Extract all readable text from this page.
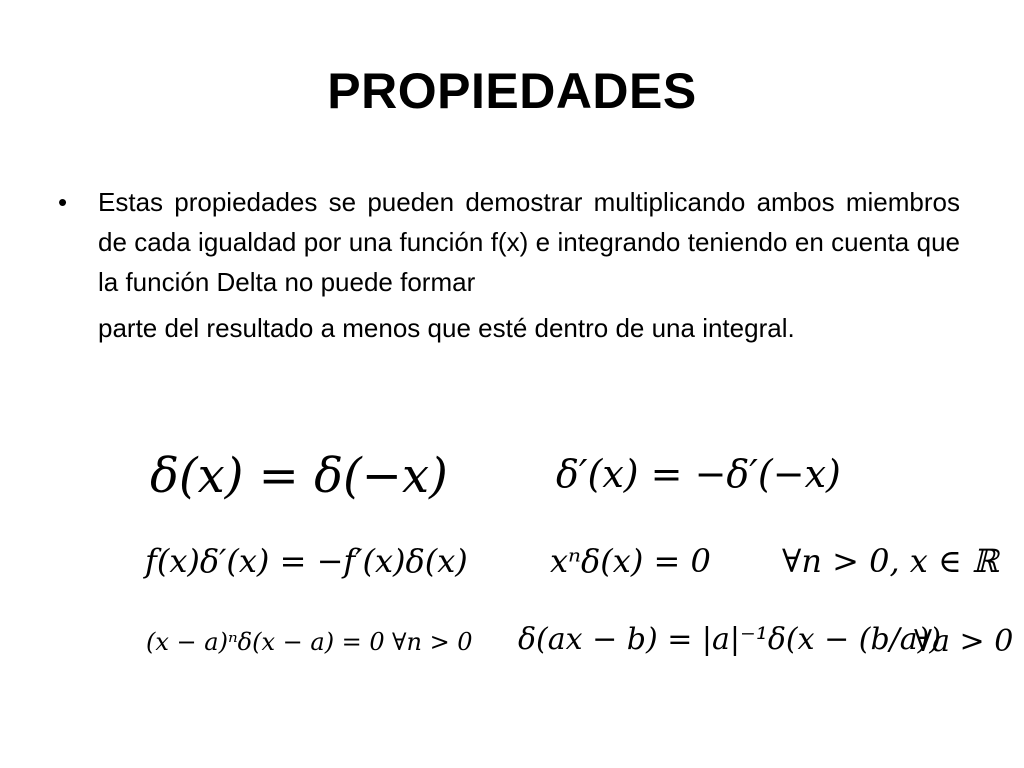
PROPIEDADES
• Estas propiedades se pueden demostrar multiplicando ambos miembros de cada igualdad por una función f(x) e integrando teniendo en cuenta que la función Delta no puede formar
parte del resultado a menos que esté dentro de una integral.
δ(x) = δ(−x)	δ′(x) = −δ′(−x)
f(x)δ′(x) = −f′(x)δ(x)	xⁿδ(x) = 0 ∀n > 0, x ∈ ℝ
(x − a)ⁿδ(x − a) = 0 ∀n > 0 δ(ax − b) = |a|⁻¹δ(x − (b/a))
∀a > 0
